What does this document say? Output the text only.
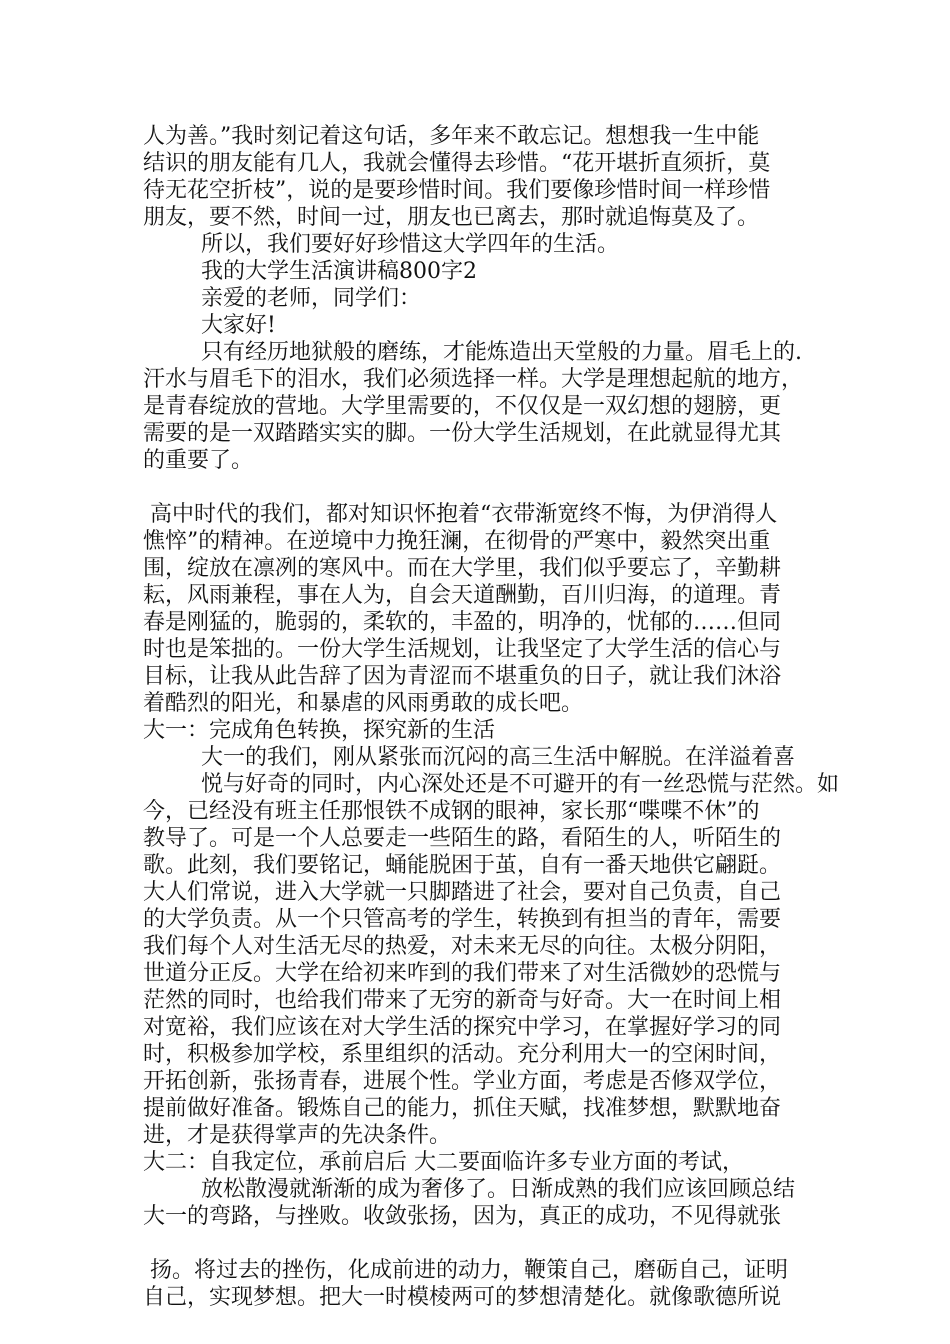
人为善。”我时刻记着这句话，多年来不敢忘记。想想我一生中能

结识的朋友能有几人，我就会懂得去珍惜。“花开堪折直须折，莫

待无花空折枝”，说的是要珍惜时间。我们要像珍惜时间一样珍惜

朋友，要不然，时间一过，朋友也已离去，那时就追悔莫及了。

所以，我们要好好珍惜这大学四年的生活。

我的大学生活演讲稿800字2

亲爱的老师，同学们：

大家好!

只有经历地狱般的磨练，才能炼造出天堂般的力量。眉毛上的.

汗水与眉毛下的泪水，我们必须选择一样。大学是理想起航的地方，

是青春绽放的营地。大学里需要的，不仅仅是一双幻想的翅膀，更

需要的是一双踏踏实实的脚。一份大学生活规划，在此就显得尤其

的重要了。

高中时代的我们，都对知识怀抱着“衣带渐宽终不悔，为伊消得人

憔悴”的精神。在逆境中力挽狂澜，在彻骨的严寒中，毅然突出重

围，绽放在凛冽的寒风中。而在大学里，我们似乎要忘了，辛勤耕

耘，风雨兼程，事在人为，自会天道酬勤，百川归海，的道理。青

春是刚猛的，脆弱的，柔软的，丰盈的，明净的，忧郁的……但同

时也是笨拙的。一份大学生活规划，让我坚定了大学生活的信心与

目标，让我从此告辞了因为青涩而不堪重负的日子，就让我们沐浴

着酷烈的阳光，和暴虐的风雨勇敢的成长吧。

大一：完成角色转换，探究新的生活

大一的我们，刚从紧张而沉闷的高三生活中解脱。在洋溢着喜

悦与好奇的同时，内心深处还是不可避开的有一丝恐慌与茫然。如

今，已经没有班主任那恨铁不成钢的眼神，家长那“喋喋不休”的

教导了。可是一个人总要走一些陌生的路，看陌生的人，听陌生的

歌。此刻，我们要铭记，蛹能脱困于茧，自有一番天地供它翩跹。

大人们常说，进入大学就一只脚踏进了社会，要对自己负责，自己

的大学负责。从一个只管高考的学生，转换到有担当的青年，需要

我们每个人对生活无尽的热爱，对未来无尽的向往。太极分阴阳，

世道分正反。大学在给初来咋到的我们带来了对生活微妙的恐慌与

茫然的同时，也给我们带来了无穷的新奇与好奇。大一在时间上相

对宽裕，我们应该在对大学生活的探究中学习，在掌握好学习的同

时，积极参加学校，系里组织的活动。充分利用大一的空闲时间，

开拓创新，张扬青春，进展个性。学业方面，考虑是否修双学位，

提前做好准备。锻炼自己的能力，抓住天赋，找准梦想，默默地奋

进，才是获得掌声的先决条件。

大二：自我定位，承前启后 大二要面临许多专业方面的考试，

放松散漫就渐渐的成为奢侈了。日渐成熟的我们应该回顾总结

大一的弯路，与挫败。收敛张扬，因为，真正的成功，不见得就张

扬。将过去的挫伤，化成前进的动力，鞭策自己，磨砺自己，证明

自己，实现梦想。把大一时模棱两可的梦想清楚化。就像歌德所说
